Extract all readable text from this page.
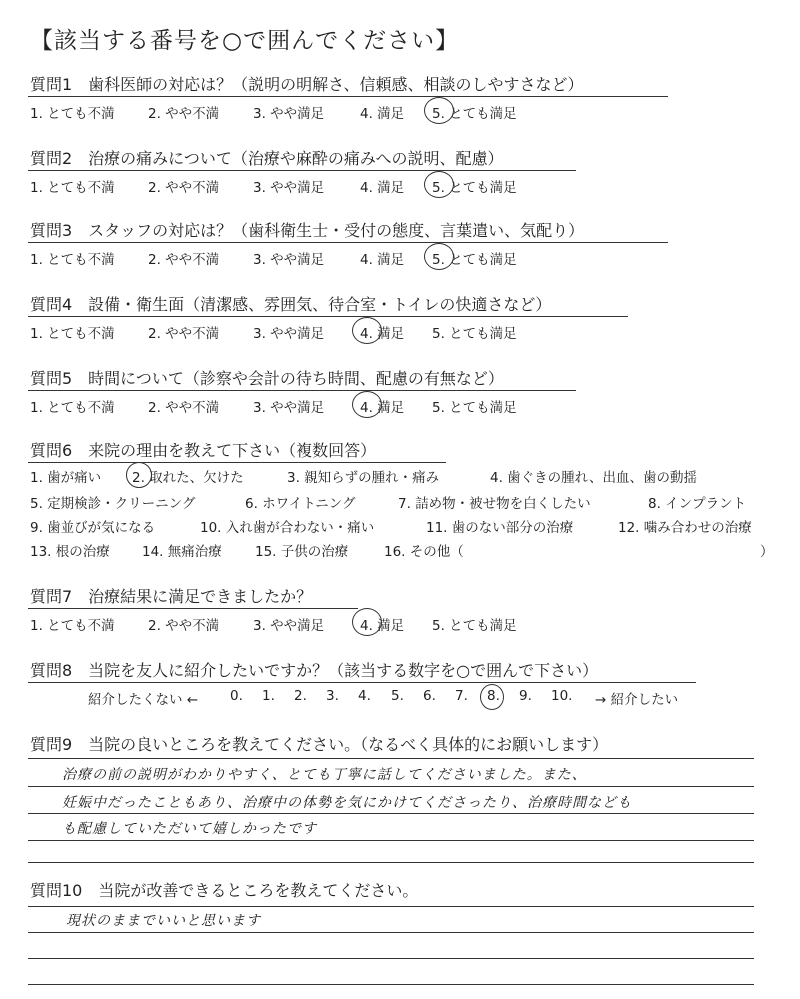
【該当する番号を○で囲んでください】
質問1　歯科医師の対応は？（説明の明解さ、信頼感、相談のしやすさなど）
1. とても不満 2. やや不満	3. やや満足	4. 満足 5. とても満足
質問2　治療の痛みについて（治療や麻酔の痛みへの説明、配慮）
1. とても不満 2. やや不満	3. やや満足	4. 満足 5. とても満足
質問3　スタッフの対応は？（歯科衛生士・受付の態度、言葉遣い、気配り）
1. とても不満 2. やや不満	3. やや満足	4. 満足 5. とても満足
質問4　設備・衛生面（清潔感、雰囲気、待合室・トイレの快適さなど）
1. とても不満 2. やや不満	3. やや満足	4. 満足 5. とても満足
質問5　時間について（診察や会計の待ち時間、配慮の有無など）
1. とても不満 2. やや不満	3. やや満足	4. 満足 5. とても満足
質問6　来院の理由を教えて下さい（複数回答）
1. 歯が痛い 2. 取れた、欠けた	3. 親知らずの腫れ・痛み	4. 歯ぐきの腫れ、出血、歯の動揺
5. 定期検診・クリーニング	6. ホワイトニング	7. 詰め物・被せ物を白くしたい	8. インプラント
9. 歯並びが気になる	10. 入れ歯が合わない・痛い	11. 歯のない部分の治療	12. 噛み合わせの治療
13. 根の治療 14. 無痛治療 15. 子供の治療	16. その他（	）
質問7　治療結果に満足できましたか？
1. とても不満 2. やや不満	3. やや満足	4. 満足 5. とても満足
質問8　当院を友人に紹介したいですか？（該当する数字を○で囲んで下さい）
紹介したくない ← 0. 1. 2. 3. 4. 5. 6. 7. 8. 9. 10. → 紹介したい
質問9　当院の良いところを教えてください。（なるべく具体的にお願いします）
治療の前の説明がわかりやすく、とても丁寧に話してくださいました。また、
妊娠中だったこともあり、治療中の体勢を気にかけてくださったり、治療時間なども
も配慮していただいて嬉しかったです
質問10　当院が改善できるところを教えてください。
現状のままでいいと思います
